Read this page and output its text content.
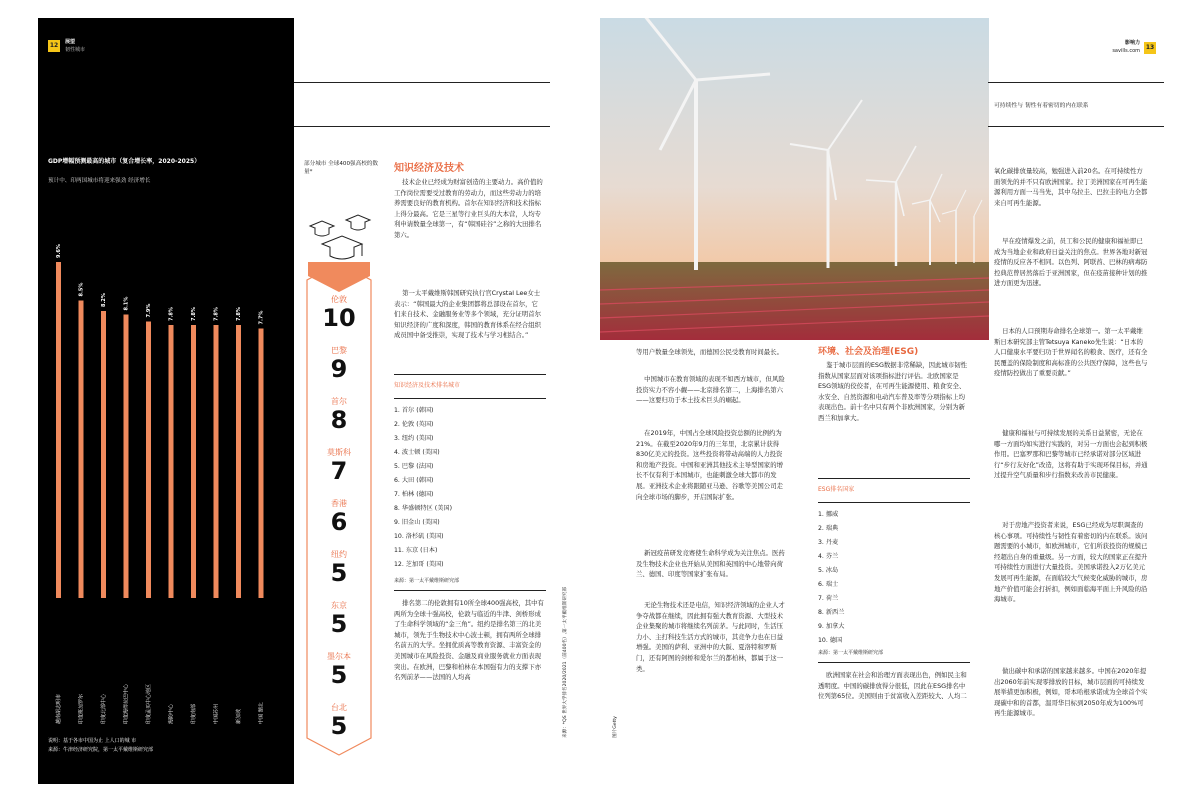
12	展望
韧性城市
GDP增幅预测最高的城市（复合增长率，2020-2025）
预计中、印两国城市将迎来强劲 经济增长
9.6%
越南胡志明市
8.5%
印度班加罗尔
8.2%
印度北部中心
8.1%
印度海得拉巴中心
7.9%
印度孟买中心地区
7.8%
海防中心
7.8%
印度南部
7.8%
中国苏州
7.8%
新加坡
7.7%
中国 湖北
说明：基于各市中国为止 上人口的城 市
来源：牛津经济研究院，第一太平戴维斯研究部
部分城市 全球400强高校的数量*
伦敦
10
巴黎
9
首尔
8
莫斯科
7
香港
6
纽约
5
东京
5
墨尔本
5
台北
5
知识经济及技术
技术企业已经成为财富创造的主要动力。高价值的工作岗位需要受过教育的劳动力，而这些劳动力的培养需要良好的教育机构。首尔在知识经济和技术指标上得分最高。它是三星等行业巨头的大本营，人均专利申请数量全球第一，有“韩国硅谷”之称的大田排名第六。
第一太平戴维斯韩国研究执行官Crystal Lee女士表示：“韩国最大的企业集团都将总部设在首尔，它们来自技术、金融服务业等多个领域，充分证明首尔知识经济的广度和深度，韩国的教育体系在经合组织成员国中备受推崇，实现了技术与学习相结合。”
知识经济及技术排名城市
1. 首尔 (韩国)
2. 伦敦 (英国)
3. 纽约 (美国)
4. 波士顿 (美国)
5. 巴黎 (法国)
6. 大田 (韩国)
7. 柏林 (德国)
8. 华盛顿特区 (美国)
9. 旧金山 (美国)
10. 洛杉矶 (美国)
11. 东京 (日本)
12. 芝加哥 (美国)
来源：第一太平戴维斯研究部
排名第二的伦敦拥有10所全球400强高校，其中有两所为全球十强高校，伦敦与临近的牛津、剑桥形成了生命科学领域的“金三角”。纽约是排名第三的北美城市，领先于生物技术中心波士顿，拥有两所全球排名前五的大学。坐拥优质高等教育资源、丰富资金的美国城市在风险投资、金融及商业服务就业方面表现突出。在欧洲，巴黎和柏林在本国强有力的支撑下亦名列前茅——法国的人均高	来源：*QS 世界大学排名2020/2021（前400名）,第一太平戴维斯研究部	图片Getty
等用户数量全球领先，而德国公民受教育时间最长。
中国城市在教育领域的表现不如西方城市，但风险投资实力不容小觑——北京排名第二，上海排名第六——这要归功于本土技术巨头的崛起。
在2019年，中国占全球风险投资总额的比例约为21%。在截至2020年9月的三年里，北京累计获得830亿美元的投资。这些投资将带动高端的人力投资和房地产投资。中国和亚洲其他技术主导型国家的增长不仅有利于本国城市，也能刺激全球大都市的发展。亚洲技术企业将跟随亚马逊、谷歌等美国公司走向全球市场的脚步，开启国际扩张。
新冠疫苗研发竞赛使生命科学成为关注焦点。医药及生物技术企业也开始从美国和英国的中心地带向荷兰、德国、印度等国家扩张布局。
无论生物技术还是电信，知识经济领域的企业人才争夺战都在继续，因此拥有强大教育资源、大型技术企业集聚的城市将继续名列前茅。与此同时，生活压力小、主打科技生活方式的城市，其竞争力也在日益增强。美国的萨利、亚洲中的大阪、夏洛特和罗斯门，还有阿图的剑桥和爱尔兰的都柏林，都属于这一类。
环境、社会及治理(ESG)
鉴于城市层面的ESG数据非常稀缺，因此城市韧性指数从国家层面对该项指标进行评估。北欧国家是ESG领域的佼佼者，在可再生能源使用、粮食安全、水安全、自然资源和电动汽车普及率等分项指标上均表现出色。前十名中只有两个非欧洲国家，分别为新西兰和加拿大。
ESG排名国家
1. 挪威
2. 瑞典
3. 丹麦
4. 芬兰
5. 冰岛
6. 瑞士
7. 荷兰
8. 新西兰
9. 加拿大
10. 德国
来源：第一太平戴维斯研究部
欧洲国家在社会和治理方面表现出色，例如民主和透明度。中国的碳排放得分很低，因此在ESG排名中位列第65位。美国则由于贫富收入差距较大、人均二
影响力
savills.com 13
可持续性与 韧性有着密切的内在联系
氧化碳排放量较高，勉强进入前20名。在可持续性方面领先的并不只有欧洲国家。拉丁美洲国家在可再生能源利用方面一马当先，其中乌拉圭、巴拉圭的电力全都来自可再生能源。
早在疫情爆发之前，员工和公民的健康和福祉即已成为当地企业和政府日益关注的焦点。世界各地对新冠疫情的反应各不相同。以色列、阿联酋、巴林的病毒防控典范曾居然落后于亚洲国家，但在疫苗接种计划的推进方面更为迅速。
日本的人口预期寿命排名全球第一。第一太平戴维斯日本研究部主管Tetsuya Kaneko先生说：“日本的人口健康水平要归功于世界闻名的粮食、医疗，还有全民覆盖的保险制度和高标准的公共医疗保障，这些也与疫情防控做出了重要贡献。”
健康和福祉与可持续发展的关系日益紧密，无论在哪一方面均如实进行实践的，对另一方面也会起到积极作用。巴塞罗那和巴黎等城市已经承诺对部分区域进行“步行友好化”改造，这将有助于实现环保目标，并通过提升空气质量和步行指数来改善市民健康。
对于房地产投资者来说，ESG已经成为尽职调查的核心事项。可持续性与韧性有着密切的内在联系。该问题需要的小城市，如欧洲城市，它们所获投资的规模已经超出自身的重量级。另一方面，较大的国家正在提升可持续性方面进行大量投资。美国承诺投入2万亿美元发展可再生能源，在面临较大气候变化威胁的城市，房地产价值可能会打折扣，例如面临海平面上升风险的沿海城市。
做出碳中和承诺的国家越来越多。中国在2020年提出2060年前实现零排放的目标，城市层面的可持续发展举措更加积极，例如，哥本哈根承诺成为全球首个实现碳中和的首都，温哥华目标到2050年成为100%可再生能源城市。
